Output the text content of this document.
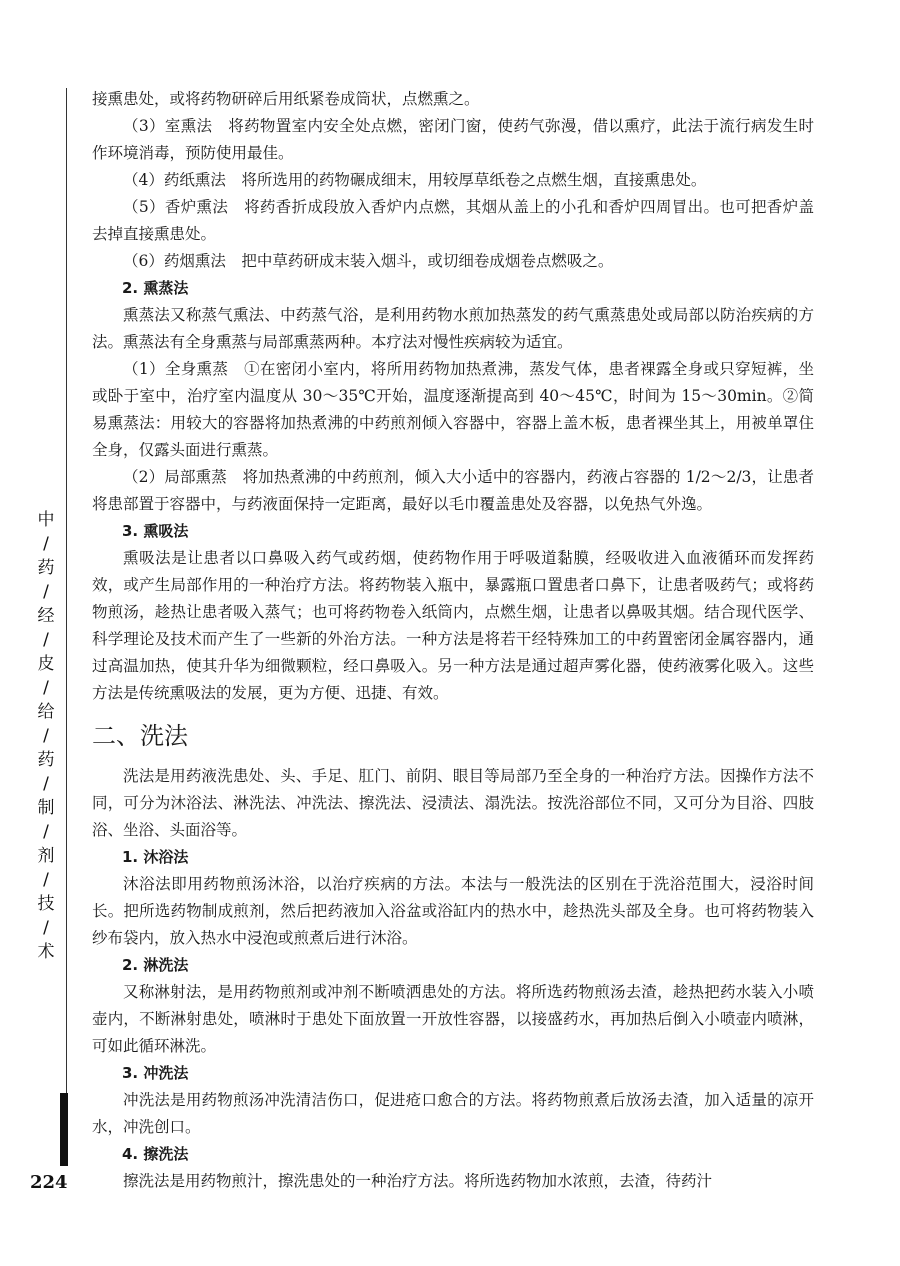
中
/
药
/
经
/
皮
/
给
/
药
/
制
/
剂
/
技
/
术
224

接熏患处，或将药物研碎后用纸紧卷成筒状，点燃熏之。

（3）室熏法　将药物置室内安全处点燃，密闭门窗，使药气弥漫，借以熏疗，此法于流行病发生时作环境消毒，预防使用最佳。

（4）药纸熏法　将所选用的药物碾成细末，用较厚草纸卷之点燃生烟，直接熏患处。

（5）香炉熏法　将药香折成段放入香炉内点燃，其烟从盖上的小孔和香炉四周冒出。也可把香炉盖去掉直接熏患处。

（6）药烟熏法　把中草药研成末装入烟斗，或切细卷成烟卷点燃吸之。

2. 熏蒸法

熏蒸法又称蒸气熏法、中药蒸气浴，是利用药物水煎加热蒸发的药气熏蒸患处或局部以防治疾病的方法。熏蒸法有全身熏蒸与局部熏蒸两种。本疗法对慢性疾病较为适宜。

（1）全身熏蒸　①在密闭小室内，将所用药物加热煮沸，蒸发气体，患者裸露全身或只穿短裤，坐或卧于室中，治疗室内温度从 30～35℃开始，温度逐渐提高到 40～45℃，时间为 15～30min。②简易熏蒸法：用较大的容器将加热煮沸的中药煎剂倾入容器中，容器上盖木板，患者裸坐其上，用被单罩住全身，仅露头面进行熏蒸。

（2）局部熏蒸　将加热煮沸的中药煎剂，倾入大小适中的容器内，药液占容器的 1/2～2/3，让患者将患部置于容器中，与药液面保持一定距离，最好以毛巾覆盖患处及容器，以免热气外逸。

3. 熏吸法

熏吸法是让患者以口鼻吸入药气或药烟，使药物作用于呼吸道黏膜，经吸收进入血液循环而发挥药效，或产生局部作用的一种治疗方法。将药物装入瓶中，暴露瓶口置患者口鼻下，让患者吸药气；或将药物煎汤，趁热让患者吸入蒸气；也可将药物卷入纸筒内，点燃生烟，让患者以鼻吸其烟。结合现代医学、科学理论及技术而产生了一些新的外治方法。一种方法是将若干经特殊加工的中药置密闭金属容器内，通过高温加热，使其升华为细微颗粒，经口鼻吸入。另一种方法是通过超声雾化器，使药液雾化吸入。这些方法是传统熏吸法的发展，更为方便、迅捷、有效。

二、洗法

洗法是用药液洗患处、头、手足、肛门、前阴、眼目等局部乃至全身的一种治疗方法。因操作方法不同，可分为沐浴法、淋洗法、冲洗法、擦洗法、浸渍法、溻洗法。按洗浴部位不同，又可分为目浴、四肢浴、坐浴、头面浴等。

1. 沐浴法

沐浴法即用药物煎汤沐浴，以治疗疾病的方法。本法与一般洗法的区别在于洗浴范围大，浸浴时间长。把所选药物制成煎剂，然后把药液加入浴盆或浴缸内的热水中，趁热洗头部及全身。也可将药物装入纱布袋内，放入热水中浸泡或煎煮后进行沐浴。

2. 淋洗法

又称淋射法，是用药物煎剂或冲剂不断喷洒患处的方法。将所选药物煎汤去渣，趁热把药水装入小喷壶内，不断淋射患处，喷淋时于患处下面放置一开放性容器，以接盛药水，再加热后倒入小喷壶内喷淋，可如此循环淋洗。

3. 冲洗法

冲洗法是用药物煎汤冲洗清洁伤口，促进疮口愈合的方法。将药物煎煮后放汤去渣，加入适量的凉开水，冲洗创口。

4. 擦洗法

擦洗法是用药物煎汁，擦洗患处的一种治疗方法。将所选药物加水浓煎，去渣，待药汁
